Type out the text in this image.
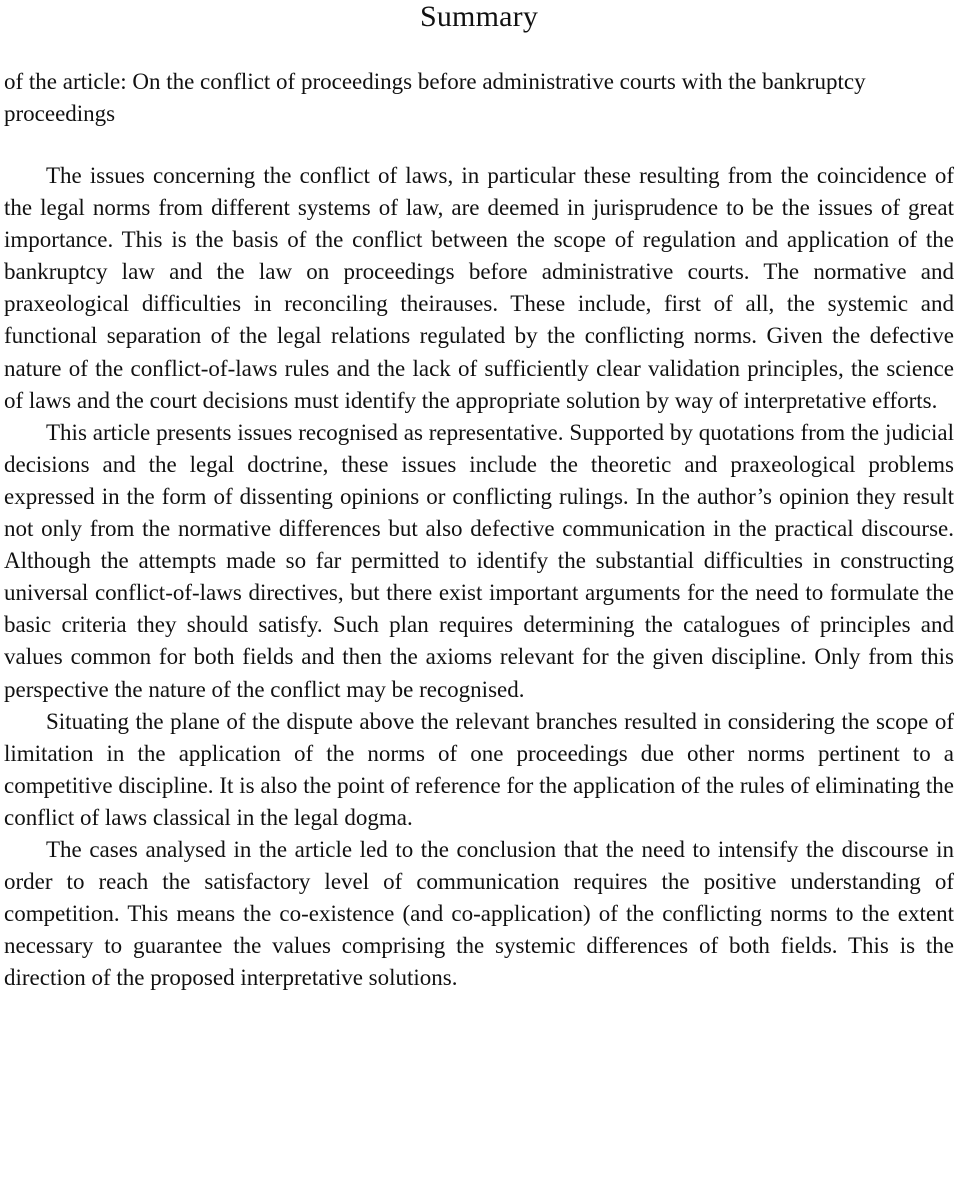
Summary

of the article: On the conflict of proceedings before administrative courts with the bankruptcy proceedings

The issues concerning the conflict of laws, in particular these resulting from the coincidence of the legal norms from different systems of law, are deemed in jurisprudence to be the issues of great importance. This is the basis of the conflict between the scope of regulation and application of the bankruptcy law and the law on proceedings before administrative courts. The normative and praxeological difficulties in reconciling theirauses. These include, first of all, the systemic and functional separation of the legal relations regulated by the conflicting norms. Given the defective nature of the conflict-of-laws rules and the lack of sufficiently clear validation principles, the science of laws and the court decisions must identify the appropriate solution by way of interpretative efforts.

This article presents issues recognised as representative. Supported by quotations from the judicial decisions and the legal doctrine, these issues include the theoretic and praxeological problems expressed in the form of dissenting opinions or conflicting rulings. In the author’s opinion they result not only from the normative differences but also defective communication in the practical discourse. Although the attempts made so far permitted to identify the substantial difficulties in constructing universal conflict-of-laws directives, but there exist important arguments for the need to formulate the basic criteria they should satisfy. Such plan requires determining the catalogues of principles and values common for both fields and then the axioms relevant for the given discipline. Only from this perspective the nature of the conflict may be recognised.

Situating the plane of the dispute above the relevant branches resulted in considering the scope of limitation in the application of the norms of one proceedings due other norms pertinent to a competitive discipline. It is also the point of reference for the application of the rules of eliminating the conflict of laws classical in the legal dogma.

The cases analysed in the article led to the conclusion that the need to intensify the discourse in order to reach the satisfactory level of communication requires the positive understanding of competition. This means the co-existence (and co-application) of the conflicting norms to the extent necessary to guarantee the values comprising the systemic differences of both fields. This is the direction of the proposed interpretative solutions.
